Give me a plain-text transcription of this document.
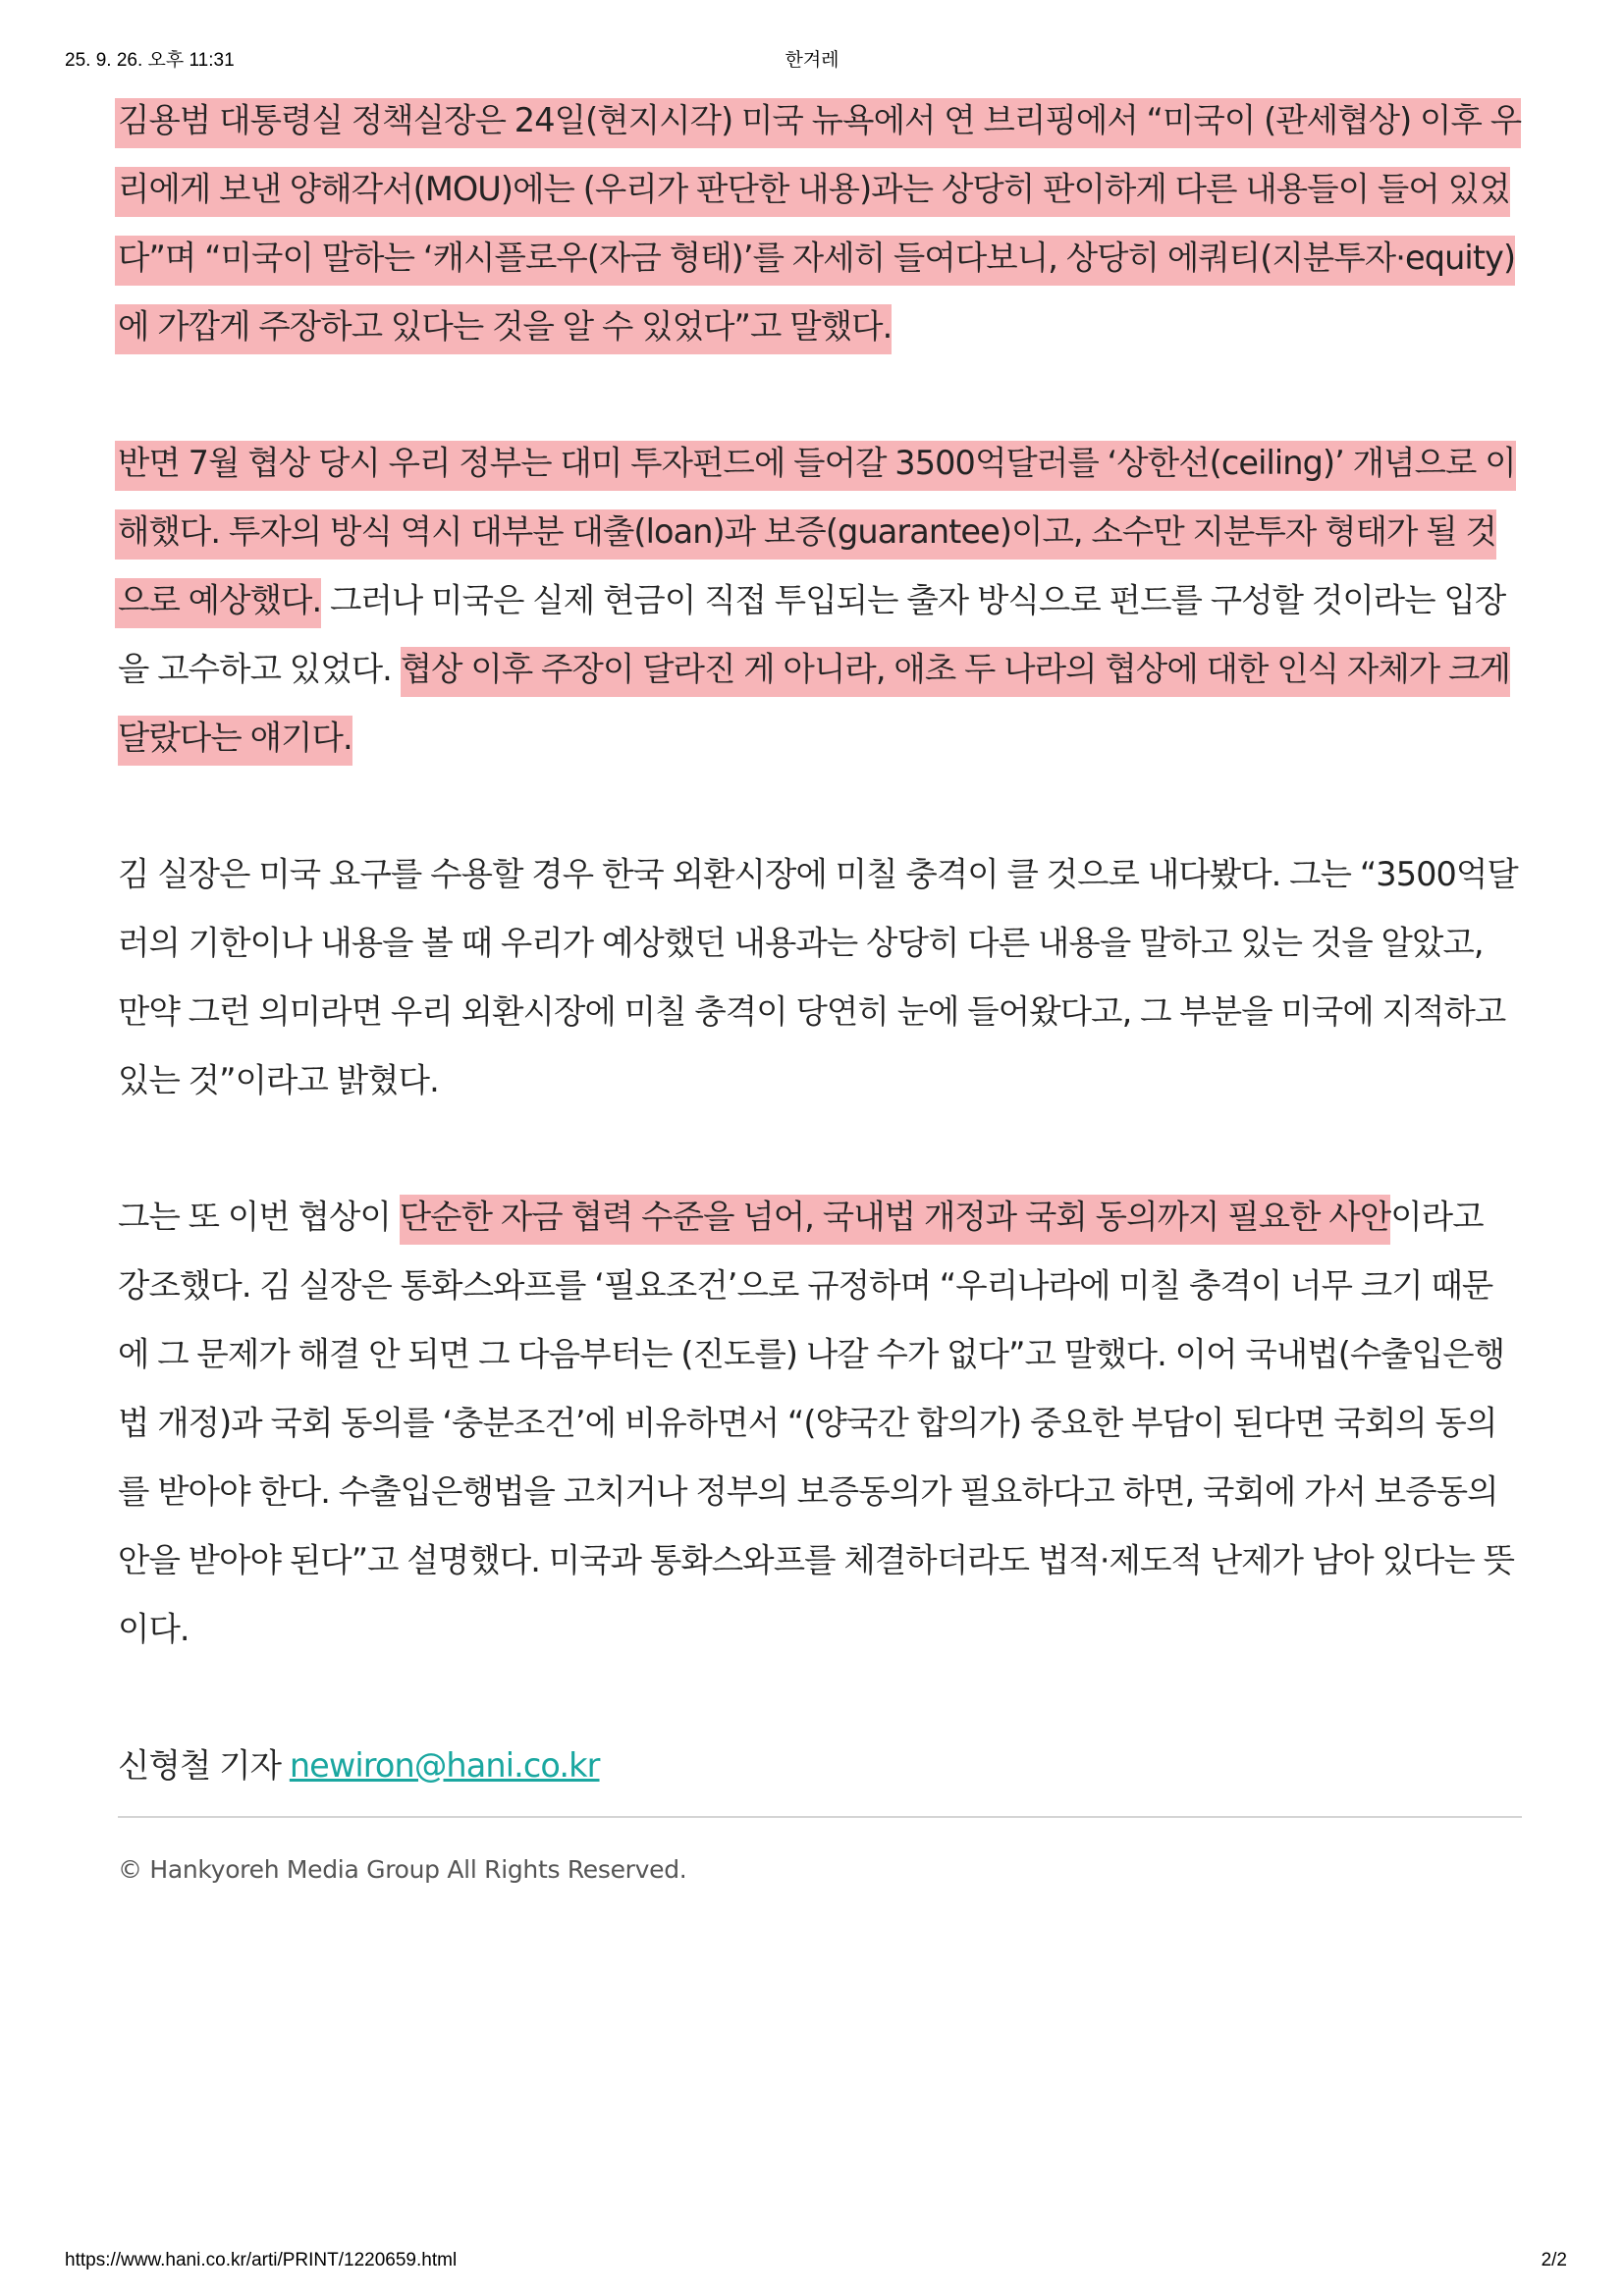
25. 9. 26. 오후 11:31	한겨레

김용범 대통령실 정책실장은 24일(현지시각) 미국 뉴욕에서 연 브리핑에서 “미국이 (관세협상) 이후 우리에게 보낸 양해각서(MOU)에는 (우리가 판단한 내용)과는 상당히 판이하게 다른 내용들이 들어 있었다”며 “미국이 말하는 ‘캐시플로우(자금 형태)’를 자세히 들여다보니, 상당히 에쿼티(지분투자·equity)에 가깝게 주장하고 있다는 것을 알 수 있었다”고 말했다.

반면 7월 협상 당시 우리 정부는 대미 투자펀드에 들어갈 3500억달러를 ‘상한선(ceiling)’ 개념으로 이해했다. 투자의 방식 역시 대부분 대출(loan)과 보증(guarantee)이고, 소수만 지분투자 형태가 될 것으로 예상했다. 그러나 미국은 실제 현금이 직접 투입되는 출자 방식으로 펀드를 구성할 것이라는 입장을 고수하고 있었다. 협상 이후 주장이 달라진 게 아니라, 애초 두 나라의 협상에 대한 인식 자체가 크게 달랐다는 얘기다.

김 실장은 미국 요구를 수용할 경우 한국 외환시장에 미칠 충격이 클 것으로 내다봤다. 그는 “3500억달러의 기한이나 내용을 볼 때 우리가 예상했던 내용과는 상당히 다른 내용을 말하고 있는 것을 알았고, 만약 그런 의미라면 우리 외환시장에 미칠 충격이 당연히 눈에 들어왔다고, 그 부분을 미국에 지적하고 있는 것”이라고 밝혔다.

그는 또 이번 협상이 단순한 자금 협력 수준을 넘어, 국내법 개정과 국회 동의까지 필요한 사안이라고 강조했다. 김 실장은 통화스와프를 ‘필요조건’으로 규정하며 “우리나라에 미칠 충격이 너무 크기 때문에 그 문제가 해결 안 되면 그 다음부터는 (진도를) 나갈 수가 없다”고 말했다. 이어 국내법(수출입은행법 개정)과 국회 동의를 ‘충분조건’에 비유하면서 “(양국간 합의가) 중요한 부담이 된다면 국회의 동의를 받아야 한다. 수출입은행법을 고치거나 정부의 보증동의가 필요하다고 하면, 국회에 가서 보증동의안을 받아야 된다”고 설명했다. 미국과 통화스와프를 체결하더라도 법적·제도적 난제가 남아 있다는 뜻이다.

신형철 기자 newiron@hani.co.kr

© Hankyoreh Media Group All Rights Reserved.
https://www.hani.co.kr/arti/PRINT/1220659.html	2/2
